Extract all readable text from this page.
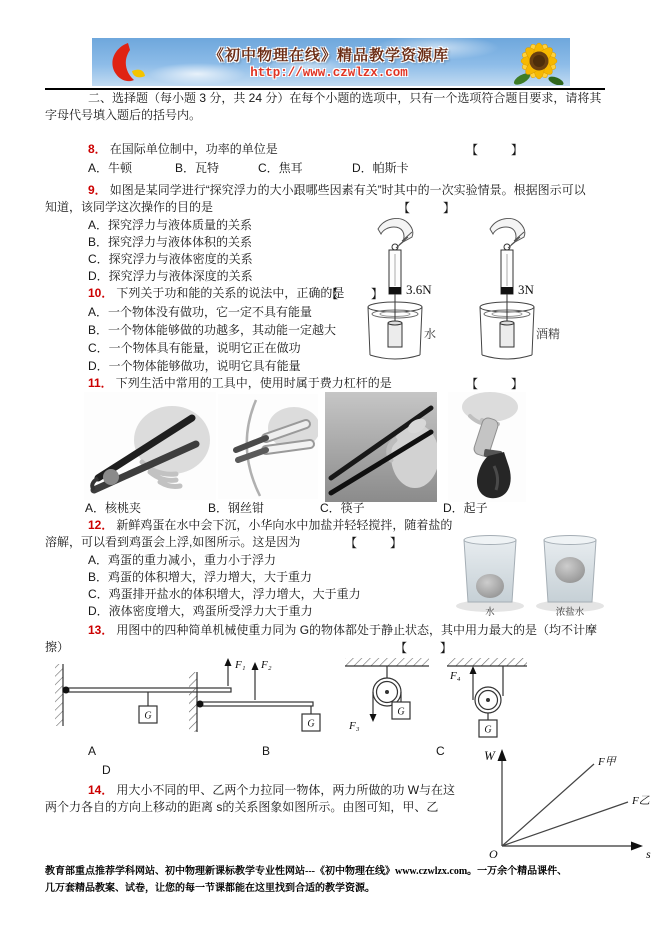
《初中物理在线》精品教学资源库
http://www.czwlzx.com
二、选择题（每小题 3 分，共 24 分）在每个小题的选项中，只有一个选项符合题目要求，请将其
字母代号填入题后的括号内。
8． 在国际单位制中，功率的单位是	【　　】
A．牛顿	B．瓦特	C．焦耳	D．帕斯卡
9． 如图是某同学进行“探究浮力的大小跟哪些因素有关”时其中的一次实验情景。根据图示可以
知道，该同学这次操作的目的是	【　　】
A．探究浮力与液体质量的关系
B．探究浮力与液体体积的关系
C．探究浮力与液体密度的关系
D．探究浮力与液体深度的关系
3.6N
水
3N
酒精
10． 下列关于功和能的关系的说法中，正确的是
【　　】
A．一个物体没有做功，它一定不具有能量
B．一个物体能够做的功越多，其动能一定越大
C．一个物体具有能量，说明它正在做功
D．一个物体能够做功，说明它具有能量
11． 下列生活中常用的工具中，使用时属于费力杠杆的是	【　　】
A．核桃夹	B．钢丝钳	C．筷子	D．起子
12． 新鲜鸡蛋在水中会下沉，小华向水中加盐并轻轻搅拌，随着盐的
溶解，可以看到鸡蛋会上浮,如图所示。这是因为	【　　】
A．鸡蛋的重力减小，重力小于浮力
B．鸡蛋的体积增大，浮力增大，大于重力
C．鸡蛋排开盐水的体积增大，浮力增大，大于重力
D．液体密度增大，鸡蛋所受浮力大于重力	水	浓盐水
13． 用图中的四种简单机械使重力同为 G的物体都处于静止状态，其中用力最大的是（均不计摩
擦）	【　　】
G
F₁
G
F₂
G
F₃	G
F₄
A	B	C
D
14． 用大小不同的甲、乙两个力拉同一物体，两力所做的功 W与在这
两个力各自的方向上移动的距离 s的关系图象如图所示。由图可知，甲、乙
W
s
O
F甲
F乙
教育部重点推荐学科网站、初中物理新课标教学专业性网站---《初中物理在线》www.czwlzx.com。一万余个精品课件、
几万套精品教案、试卷，让您的每一节课都能在这里找到合适的教学资源。
